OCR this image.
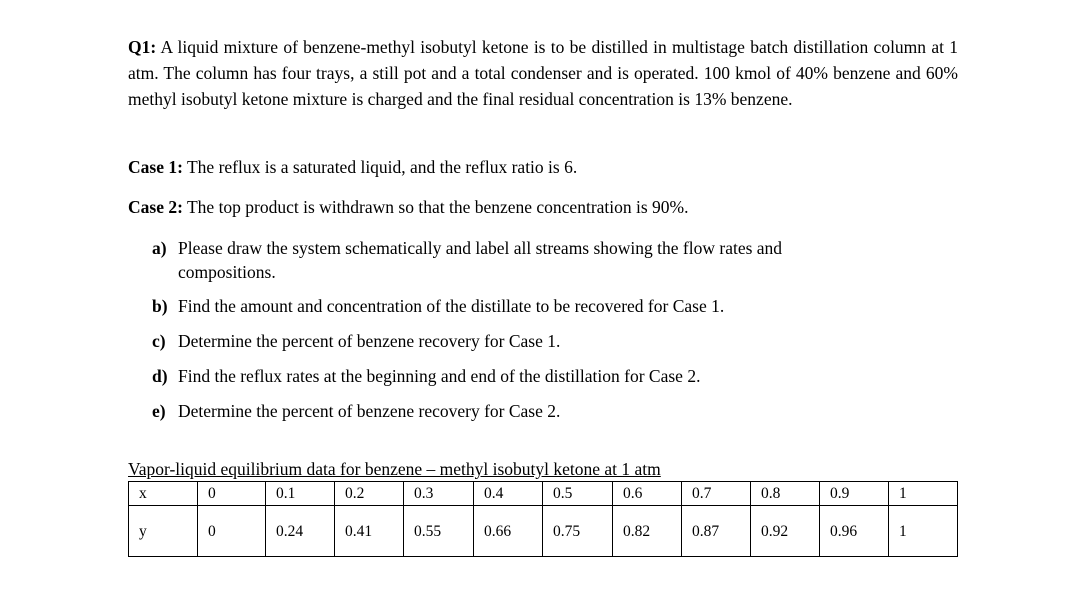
Q1: A liquid mixture of benzene-methyl isobutyl ketone is to be distilled in multistage batch distillation column at 1 atm. The column has four trays, a still pot and a total condenser and is operated. 100 kmol of 40% benzene and 60% methyl isobutyl ketone mixture is charged and the final residual concentration is 13% benzene.

Case 1: The reflux is a saturated liquid, and the reflux ratio is 6.

Case 2: The top product is withdrawn so that the benzene concentration is 90%.

a) Please draw the system schematically and label all streams showing the flow rates and
compositions.

b) Find the amount and concentration of the distillate to be recovered for Case 1.

c) Determine the percent of benzene recovery for Case 1.

d) Find the reflux rates at the beginning and end of the distillation for Case 2.

e) Determine the percent of benzene recovery for Case 2.

Vapor-liquid equilibrium data for benzene – methyl isobutyl ketone at 1 atm

x	0	0.1	0.2	0.3	0.4	0.5	0.6	0.7	0.8	0.9	1
y	0	0.24	0.41	0.55	0.66	0.75	0.82	0.87	0.92	0.96	1
